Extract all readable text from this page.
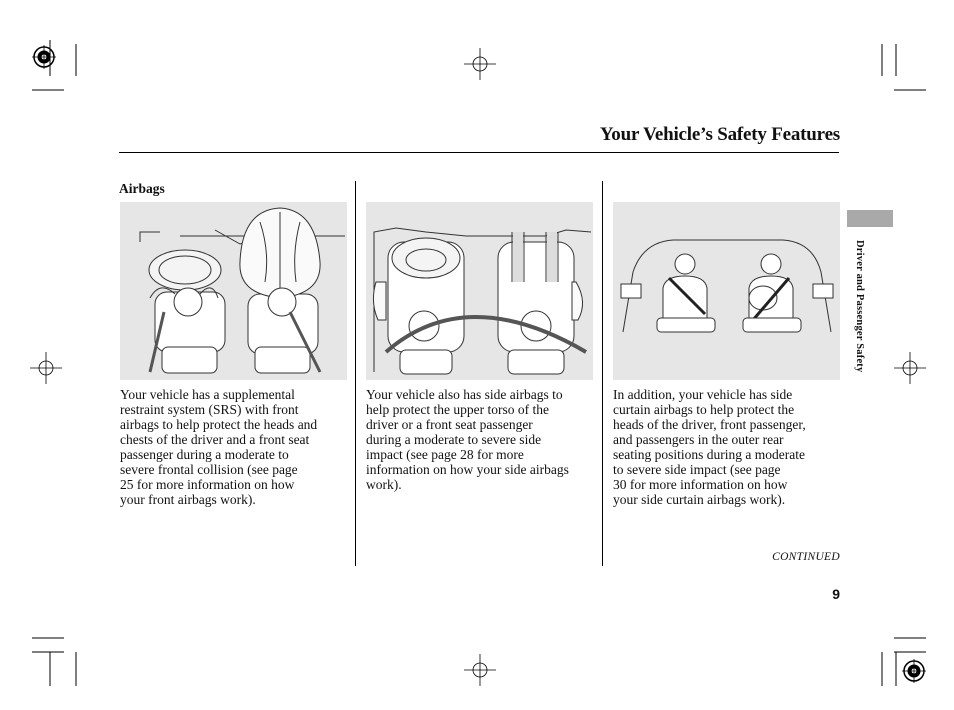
Your Vehicle’s Safety Features
Airbags

Your vehicle has a supplemental
restraint system (SRS) with front
airbags to help protect the heads and
chests of the driver and a front seat
passenger during a moderate to
severe frontal collision (see page
25 for more information on how
your front airbags work).

Your vehicle also has side airbags to
help protect the upper torso of the
driver or a front seat passenger
during a moderate to severe side
impact (see page 28 for more
information on how your side airbags
work).

In addition, your vehicle has side
curtain airbags to help protect the
heads of the driver, front passenger,
and passengers in the outer rear
seating positions during a moderate
to severe side impact (see page
30 for more information on how
your side curtain airbags work).

CONTINUED
9
Driver and Passenger Safety
